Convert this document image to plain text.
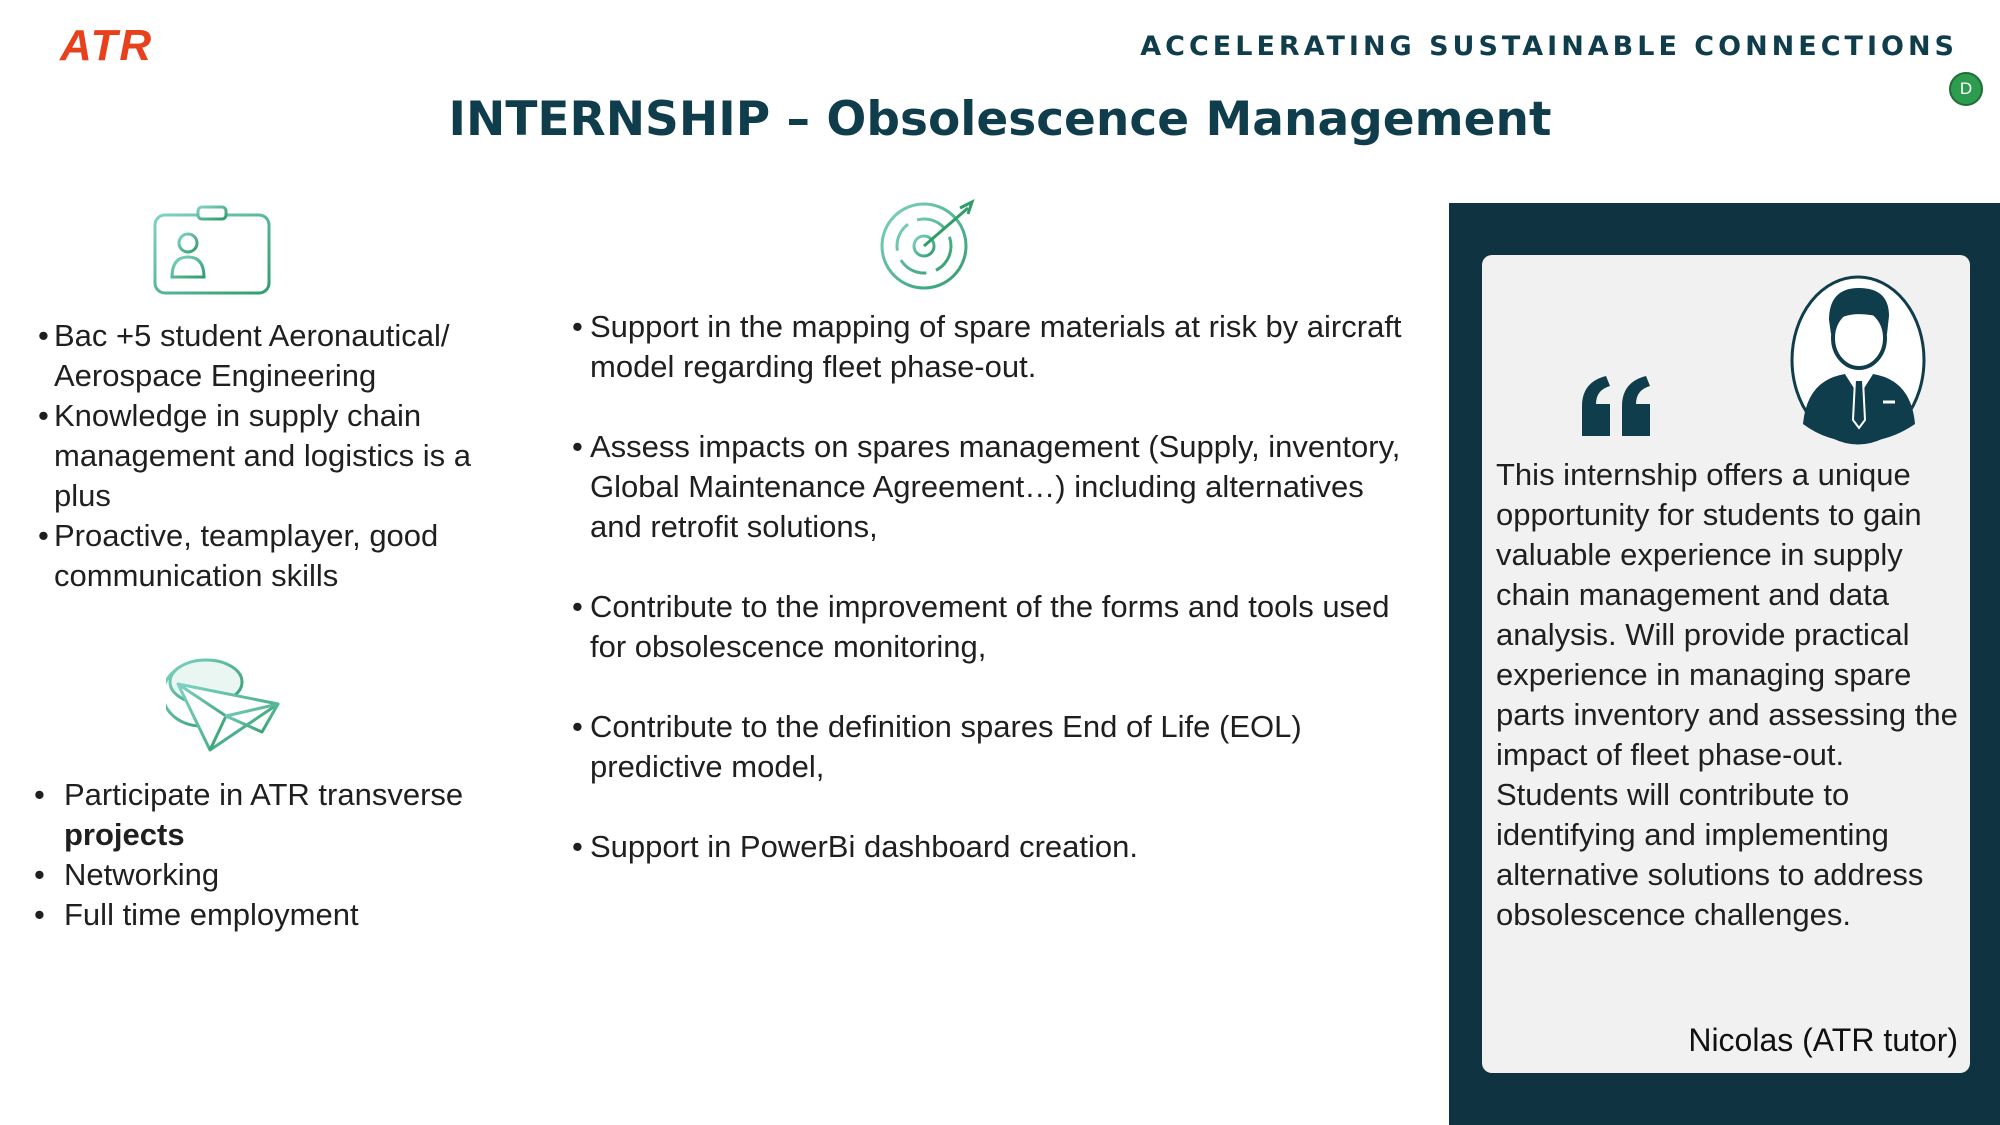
ATR	ACCELERATING SUSTAINABLE CONNECTIONS
D
INTERNSHIP – Obsolescence Management
• Bac +5 student Aeronautical/ Aerospace Engineering
• Knowledge in supply chain management and logistics is a plus
• Proactive, teamplayer, good communication skills
• Participate in ATR transverse projects
• Networking
• Full time employment
• Support in the mapping of spare materials at risk by aircraft model regarding fleet phase-out.
• Assess impacts on spares management (Supply, inventory, Global Maintenance Agreement…) including alternatives and retrofit solutions,
• Contribute to the improvement of the forms and tools used for obsolescence monitoring,
• Contribute to the definition spares End of Life (EOL) predictive model,
• Support in PowerBi dashboard creation.

This internship offers a unique opportunity for students to gain valuable experience in supply chain management and data analysis. Will provide practical experience in managing spare parts inventory and assessing the impact of fleet phase-out. Students will contribute to identifying and implementing alternative solutions to address obsolescence challenges.

Nicolas (ATR tutor)
